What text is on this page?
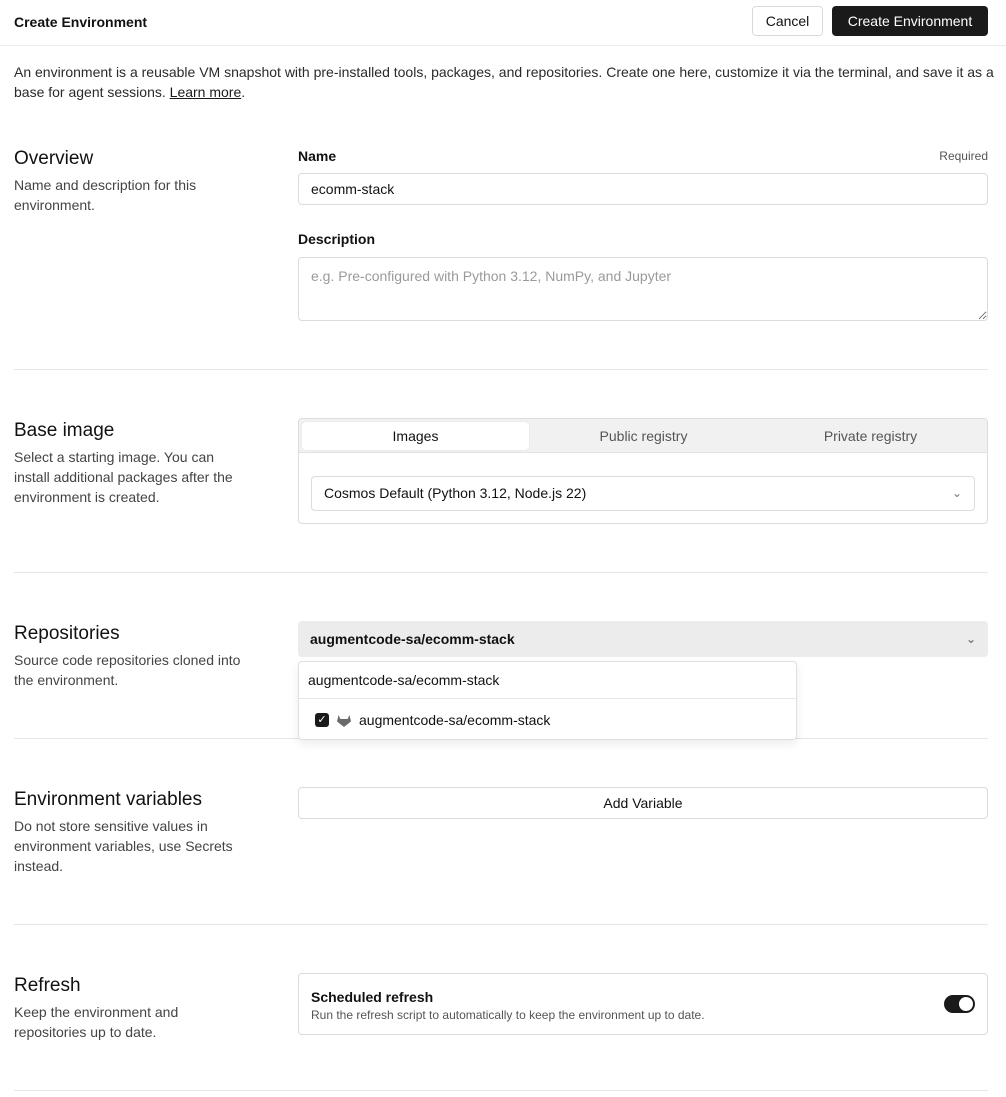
Create Environment	Cancel	Create Environment
An environment is a reusable VM snapshot with pre-installed tools, packages, and repositories. Create one here, customize it via the terminal, and save it as a base for agent sessions. Learn more.
Overview
Name and description for this environment.
Name	Required
ecomm-stack
Description
e.g. Pre-configured with Python 3.12, NumPy, and Jupyter
Base image
Select a starting image. You can install additional packages after the environment is created.
Images	Public registry	Private registry
Cosmos Default (Python 3.12, Node.js 22)	⌄
Repositories
Source code repositories cloned into the environment.
augmentcode-sa/ecomm-stack	⌄
augmentcode-sa/ecomm-stack
✓ augmentcode-sa/ecomm-stack
Environment variables
Do not store sensitive values in environment variables, use Secrets instead.
Add Variable
Refresh
Keep the environment and repositories up to date.
Scheduled refresh
Run the refresh script to automatically to keep the environment up to date.
